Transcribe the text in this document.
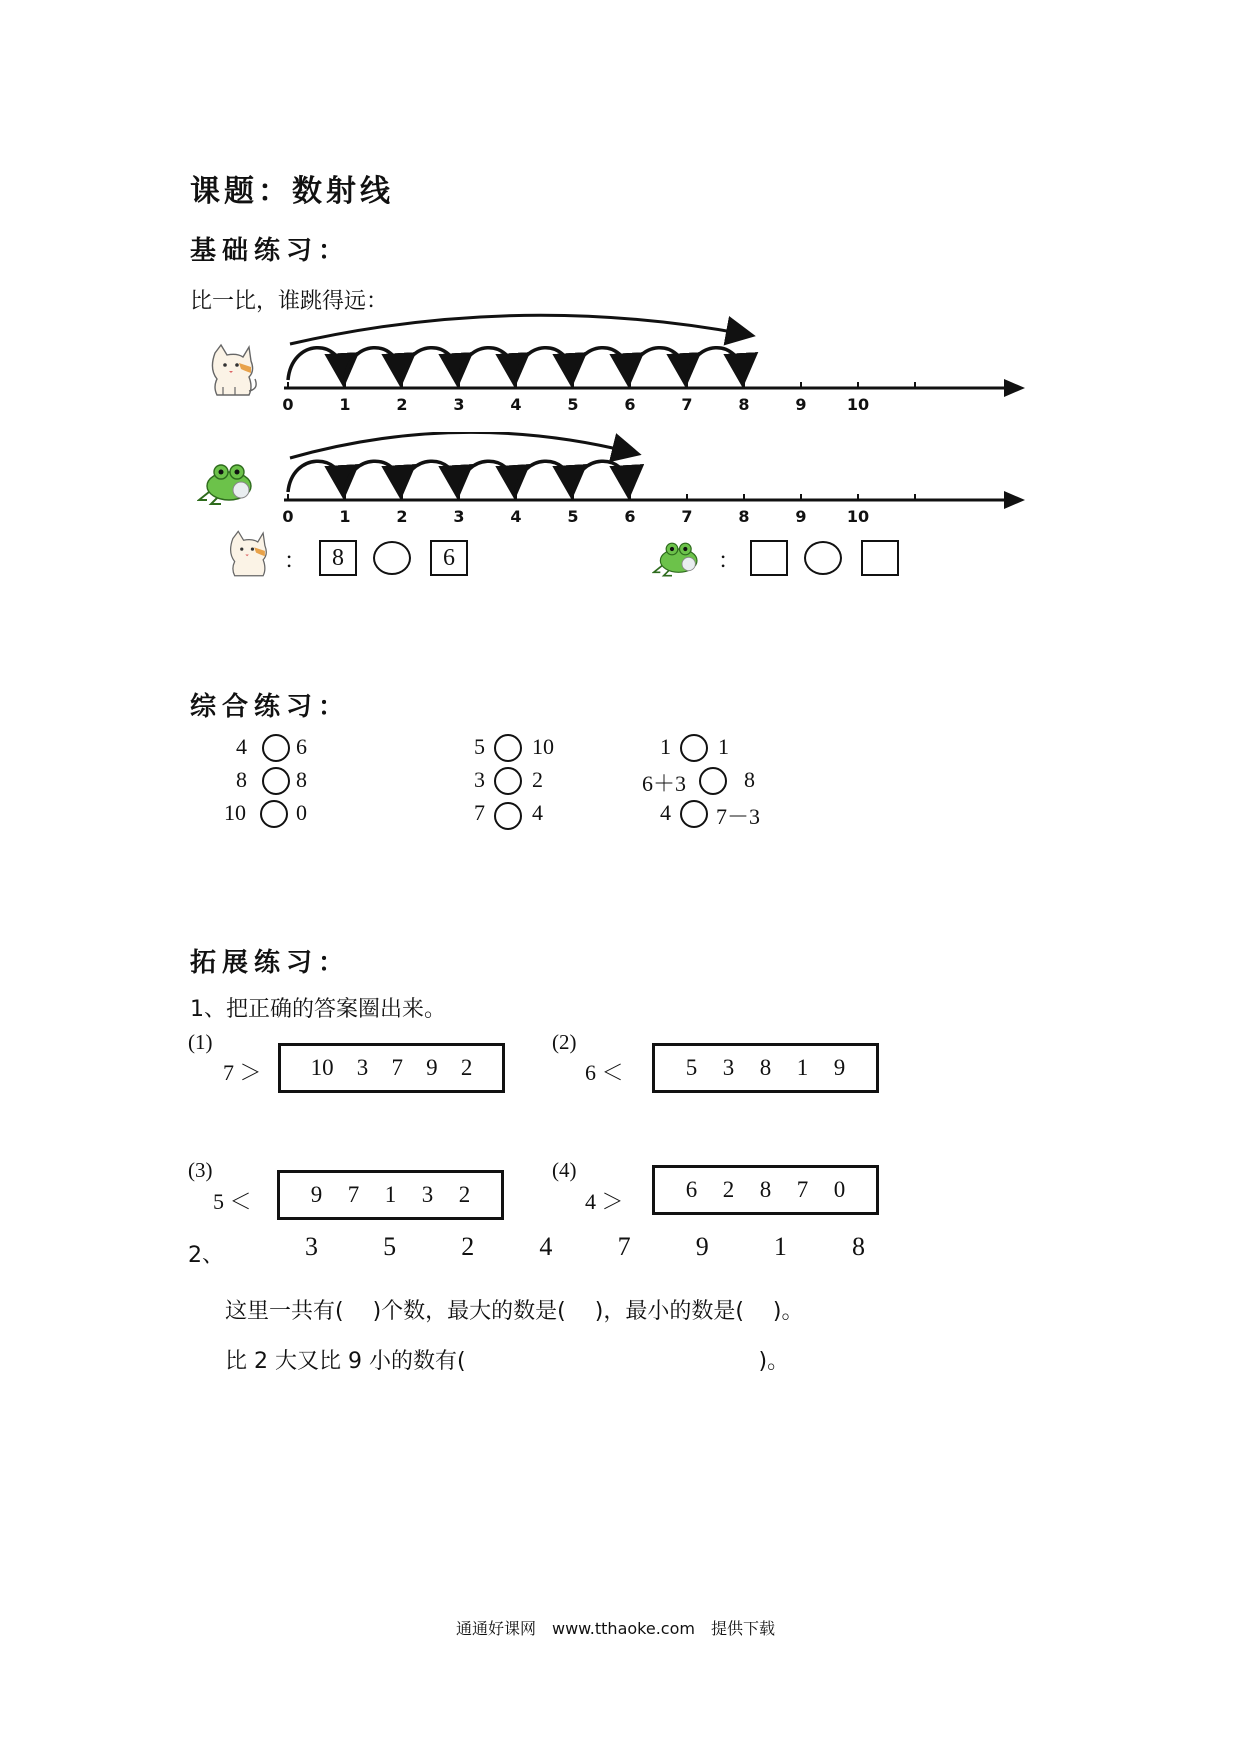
课题：数射线
基础练习：
比一比，谁跳得远：
0	1	2	3	4	5	6	7	8	9	10
0	1	2	3	4	5	6	7	8	9	10
：	8	6	：
综合练习：
4 6
8 8
10 0
5 10
3 2
7 4
1 1
6＋3	8
4 7－3
拓展练习：
1、把正确的答案圈出来。
(1)
7 ＞ 10 3 7 9 2
(2)
6 ＜	5 3 8 1 9
(3)
5 ＜	9 7 1 3 2
(4)
4 ＞	6 2 8 7 0
2、	3	5	2	4	7	9	1	8
这里一共有(　 )个数，最大的数是(　 )，最小的数是(　 )。
比 2 大又比 9 小的数有(　　　　　　　　　　　　　 )。
通通好课网　www.tthaoke.com　提供下载
